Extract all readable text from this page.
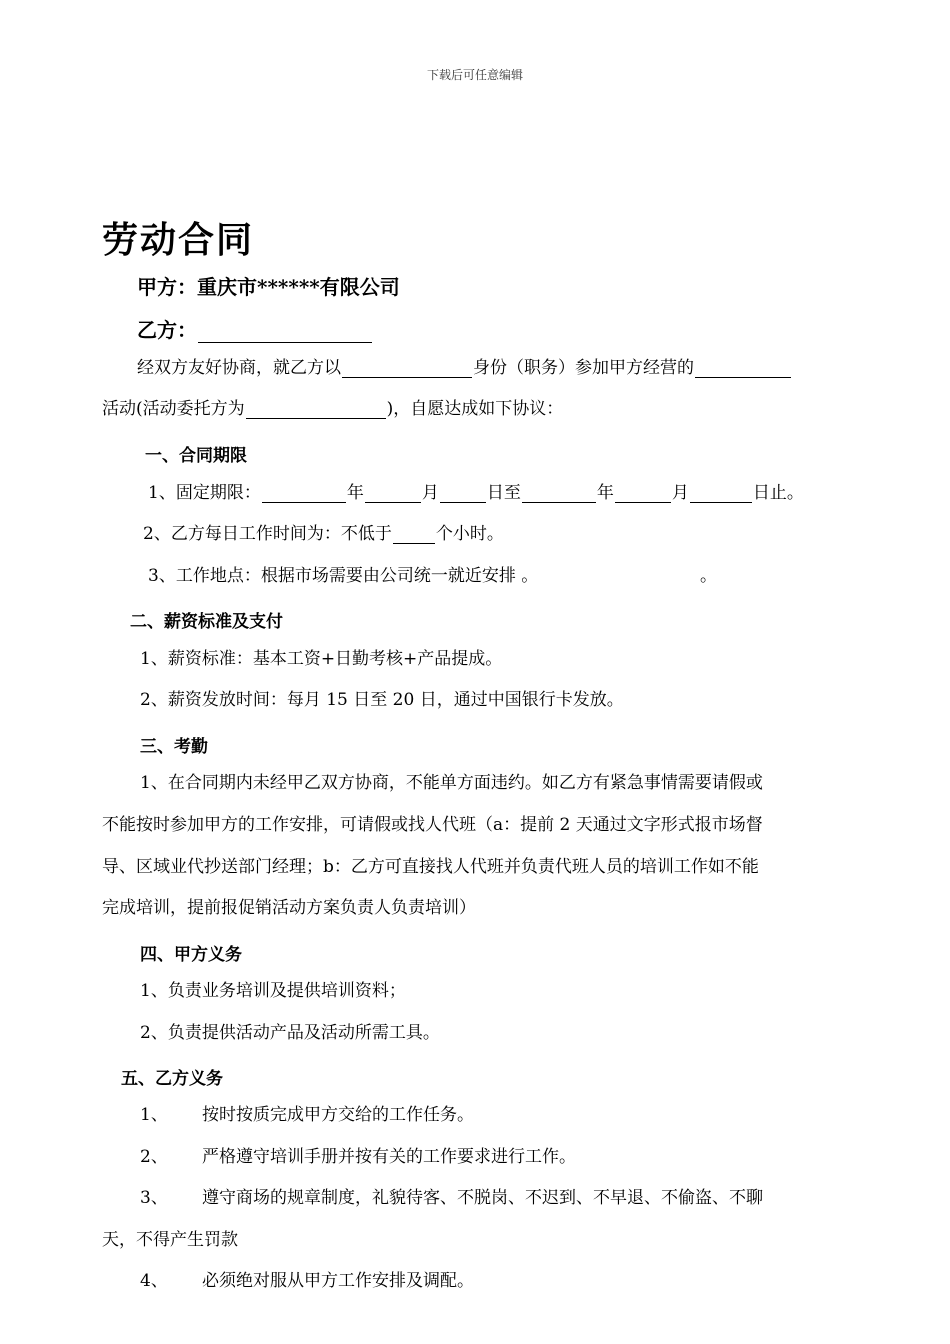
下载后可任意编辑
劳动合同
甲方：重庆市******有限公司
乙方：
经双方友好协商，就乙方以	身份（职务）参加甲方经营的
活动(活动委托方为	)，自愿达成如下协议：
一、合同期限
1、固定期限：	年	月	日至	年	月	日止。
2、乙方每日工作时间为：不低于	个小时。
3、工作地点：根据市场需要由公司统一就近安排 。	。
二、薪资标准及支付
1、薪资标准：基本工资+日勤考核+产品提成。
2、薪资发放时间：每月 15 日至 20 日，通过中国银行卡发放。
三、考勤
1、在合同期内未经甲乙双方协商，不能单方面违约。如乙方有紧急事情需要请假或
不能按时参加甲方的工作安排，可请假或找人代班（a：提前 2 天通过文字形式报市场督
导、区域业代抄送部门经理；b：乙方可直接找人代班并负责代班人员的培训工作如不能
完成培训，提前报促销活动方案负责人负责培训）
四、甲方义务
1、负责业务培训及提供培训资料；
2、负责提供活动产品及活动所需工具。
五、乙方义务
1、 按时按质完成甲方交给的工作任务。
2、 严格遵守培训手册并按有关的工作要求进行工作。
3、 遵守商场的规章制度，礼貌待客、不脱岗、不迟到、不早退、不偷盗、不聊
天，不得产生罚款
4、 必须绝对服从甲方工作安排及调配。
